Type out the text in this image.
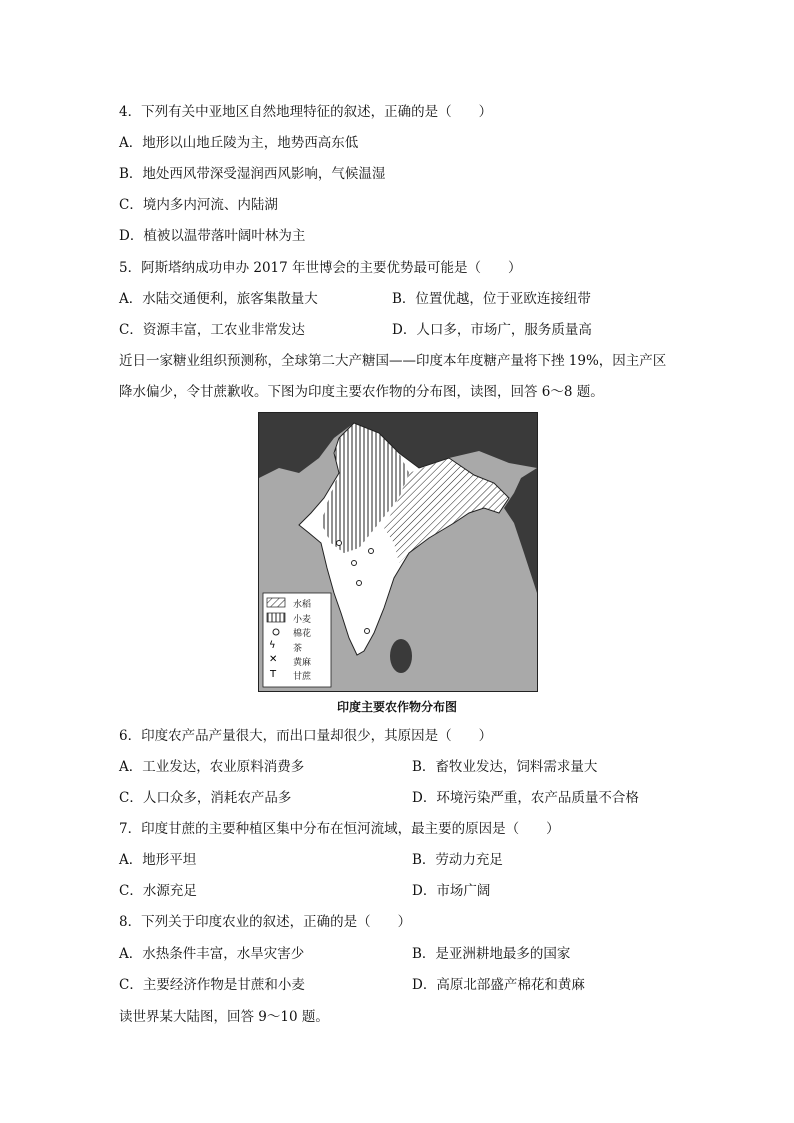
4．下列有关中亚地区自然地理特征的叙述，正确的是（　　）
A．地形以山地丘陵为主，地势西高东低
B．地处西风带深受湿润西风影响，气候温湿
C．境内多内河流、内陆湖
D．植被以温带落叶阔叶林为主
5．阿斯塔纳成功申办 2017 年世博会的主要优势最可能是（　　）
A．水陆交通便利，旅客集散量大	B．位置优越，位于亚欧连接纽带
C．资源丰富，工农业非常发达	D．人口多，市场广，服务质量高
近日一家糖业组织预测称，全球第二大产糖国——印度本年度糖产量将下挫 19%，因主产区
降水偏少，令甘蔗歉收。下图为印度主要农作物的分布图，读图，回答 6～8 题。
ϟ
✕
T
水稻
小麦
棉花
茶
黄麻
甘蔗
印度主要农作物分布图
6．印度农产品产量很大，而出口量却很少，其原因是（　　）
A．工业发达，农业原料消费多	B．畜牧业发达，饲料需求量大
C．人口众多，消耗农产品多	D．环境污染严重，农产品质量不合格
7．印度甘蔗的主要种植区集中分布在恒河流域，最主要的原因是（　　）
A．地形平坦	B．劳动力充足
C．水源充足	D．市场广阔
8．下列关于印度农业的叙述，正确的是（　　）
A．水热条件丰富，水旱灾害少	B．是亚洲耕地最多的国家
C．主要经济作物是甘蔗和小麦	D．高原北部盛产棉花和黄麻
读世界某大陆图，回答 9～10 题。
